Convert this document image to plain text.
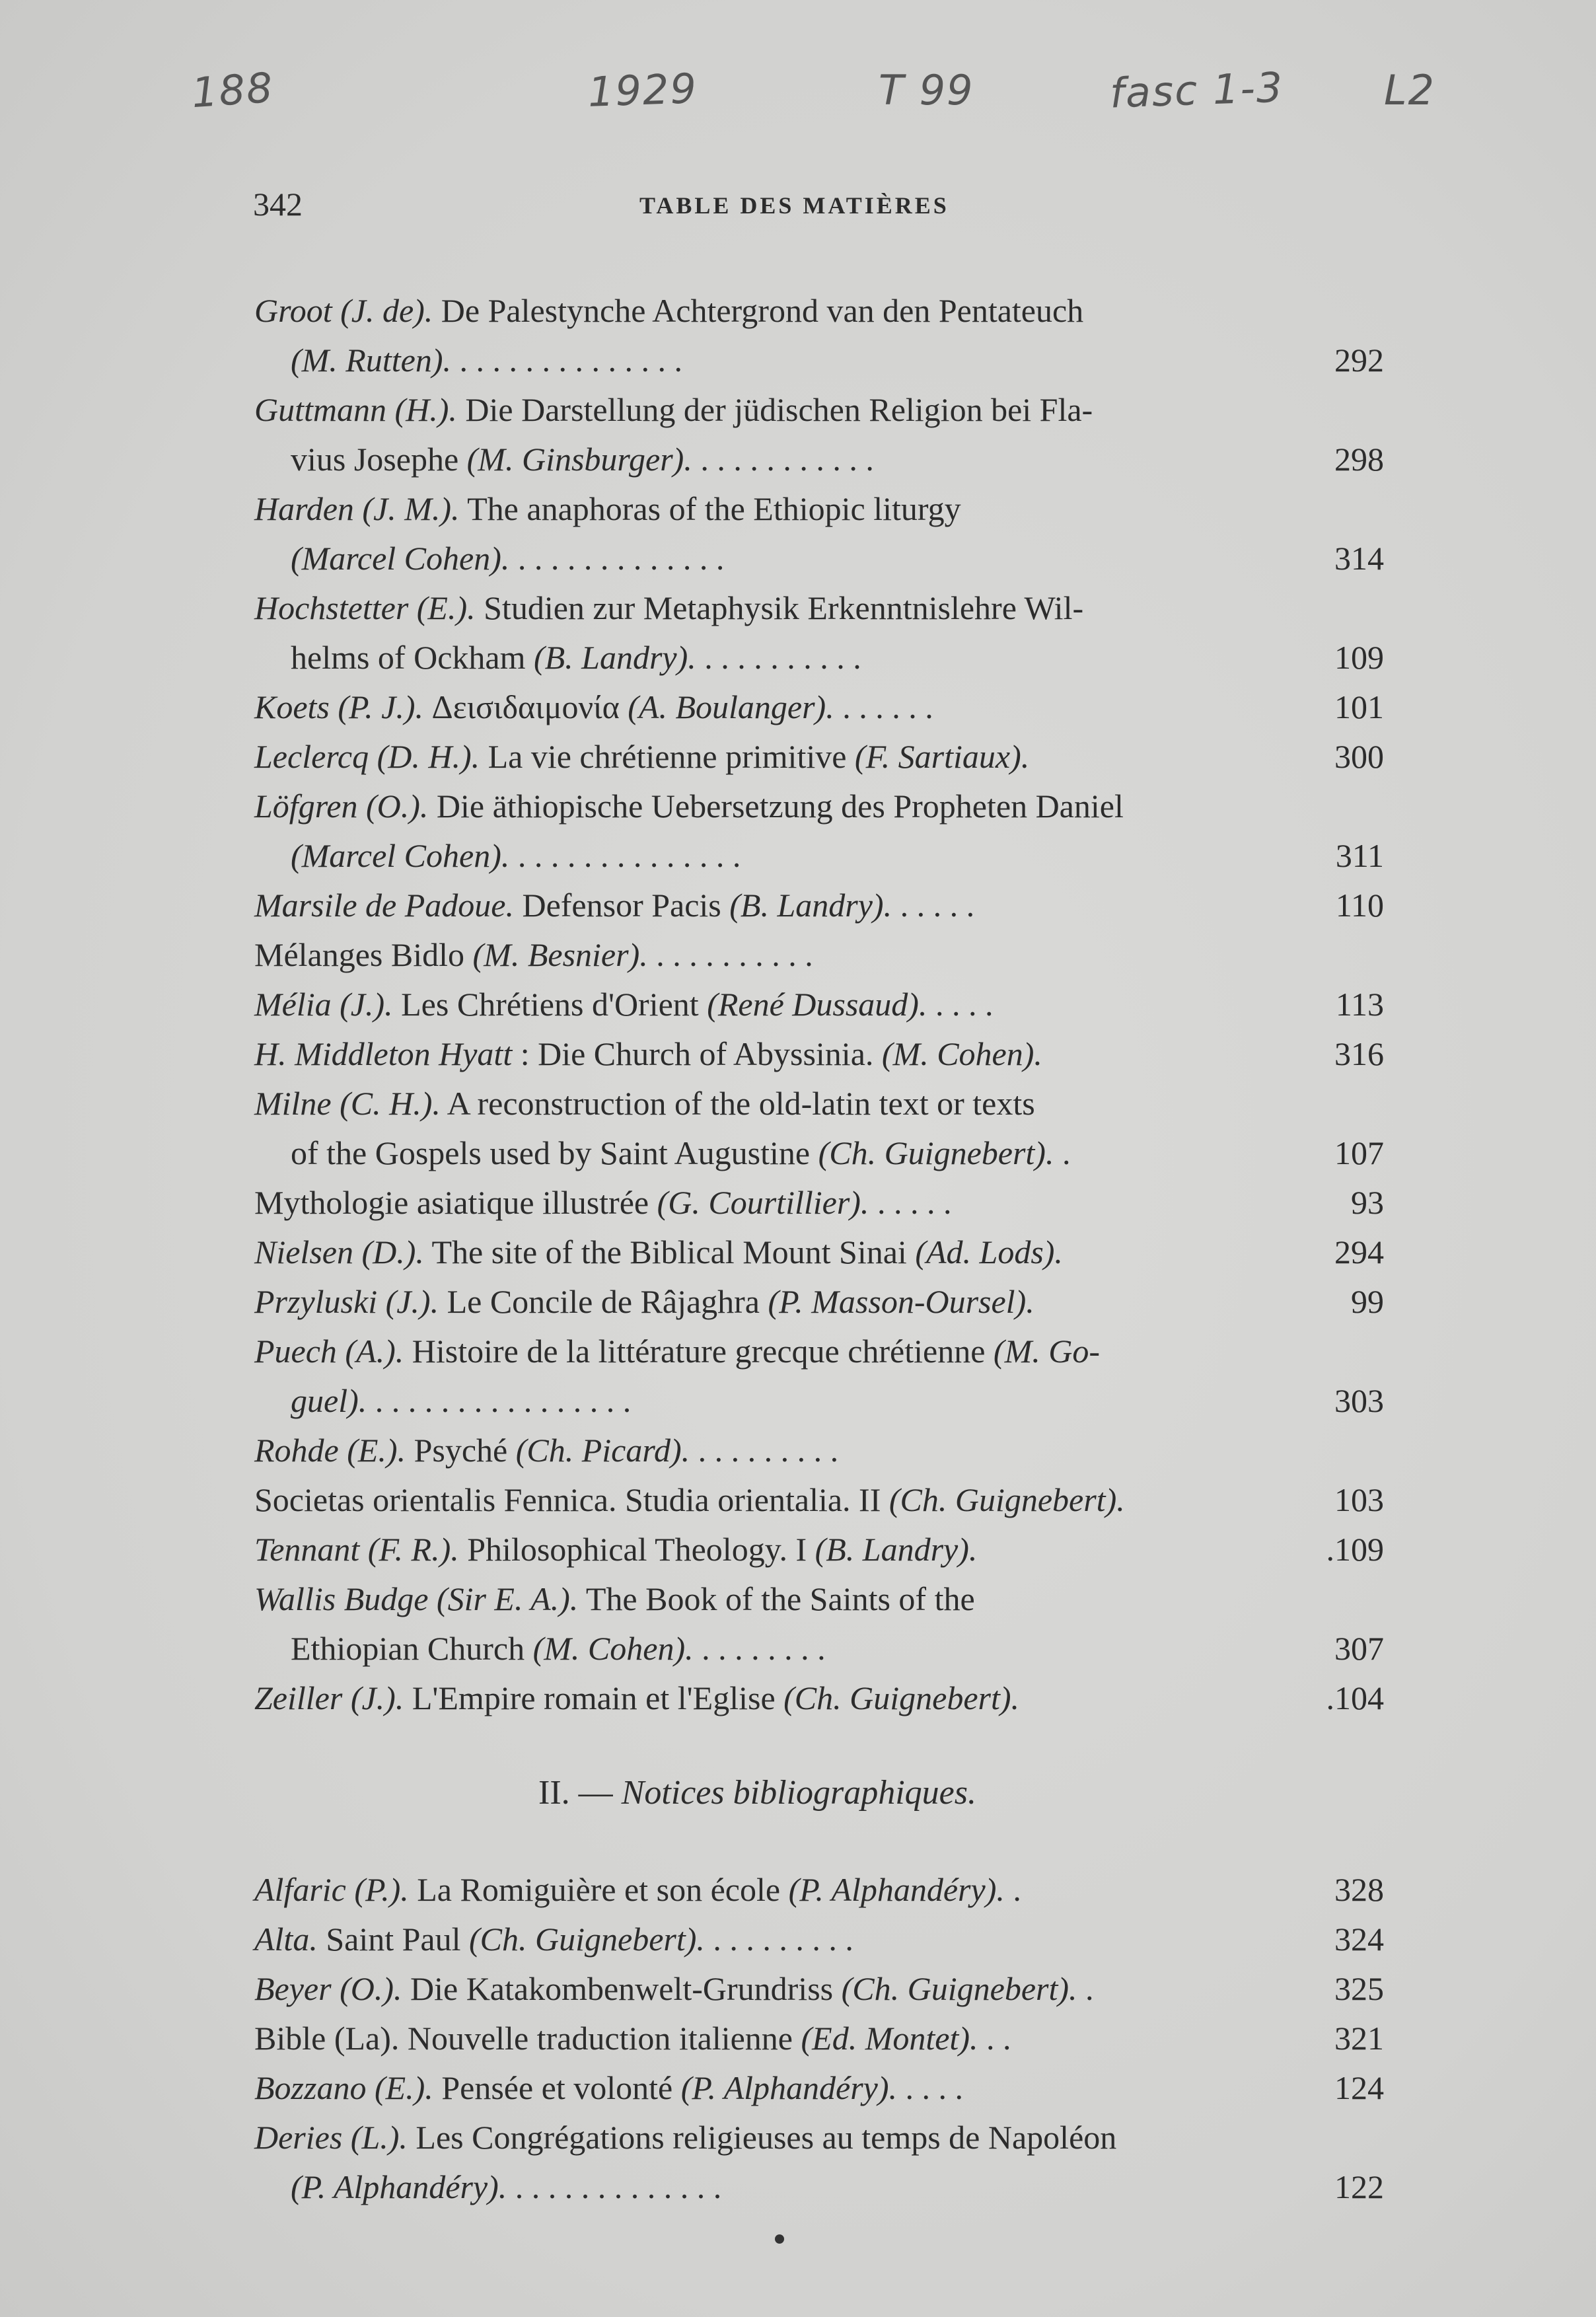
188	1929	T 99	fasc 1-3 L2
342	TABLE DES MATIÈRES
Groot (J. de). De Palestynche Achtergrond van den Pentateuch
(M. Rutten). . . . . . . . . . . . . . .	292
Guttmann (H.). Die Darstellung der jüdischen Religion bei Fla-
vius Josephe (M. Ginsburger). . . . . . . . . . . .	298
Harden (J. M.). The anaphoras of the Ethiopic liturgy
(Marcel Cohen). . . . . . . . . . . . . .	314
Hochstetter (E.). Studien zur Metaphysik Erkenntnislehre Wil-
helms of Ockham (B. Landry). . . . . . . . . . .	109
Koets (P. J.). Δεισιδαιμονία (A. Boulanger). . . . . . .	101
Leclercq (D. H.). La vie chrétienne primitive (F. Sartiaux).	300
Löfgren (O.). Die äthiopische Uebersetzung des Propheten Daniel
(Marcel Cohen). . . . . . . . . . . . . . .	311
Marsile de Padoue. Defensor Pacis (B. Landry). . . . . .	110
Mélanges Bidlo (M. Besnier). . . . . . . . . . .
Mélia (J.). Les Chrétiens d'Orient (René Dussaud). . . . .	113
H. Middleton Hyatt : Die Church of Abyssinia. (M. Cohen).	316
Milne (C. H.). A reconstruction of the old-latin text or texts
of the Gospels used by Saint Augustine (Ch. Guignebert). .	107
Mythologie asiatique illustrée (G. Courtillier). . . . . .	93
Nielsen (D.). The site of the Biblical Mount Sinai (Ad. Lods).	294
Przyluski (J.). Le Concile de Râjaghra (P. Masson-Oursel).	99
Puech (A.). Histoire de la littérature grecque chrétienne (M. Go-
guel). . . . . . . . . . . . . . . . .	303
Rohde (E.). Psyché (Ch. Picard). . . . . . . . . .
Societas orientalis Fennica. Studia orientalia. II (Ch. Guignebert).	103
Tennant (F. R.). Philosophical Theology. I (B. Landry).	.109
Wallis Budge (Sir E. A.). The Book of the Saints of the
Ethiopian Church (M. Cohen). . . . . . . . .	307
Zeiller (J.). L'Empire romain et l'Eglise (Ch. Guignebert).	.104
II. — Notices bibliographiques.
Alfaric (P.). La Romiguière et son école (P. Alphandéry). .	328
Alta. Saint Paul (Ch. Guignebert). . . . . . . . . .	324
Beyer (O.). Die Katakombenwelt-Grundriss (Ch. Guignebert). .	325
Bible (La). Nouvelle traduction italienne (Ed. Montet). . .	321
Bozzano (E.). Pensée et volonté (P. Alphandéry). . . . .	124
Deries (L.). Les Congrégations religieuses au temps de Napoléon
(P. Alphandéry). . . . . . . . . . . . . .	122
